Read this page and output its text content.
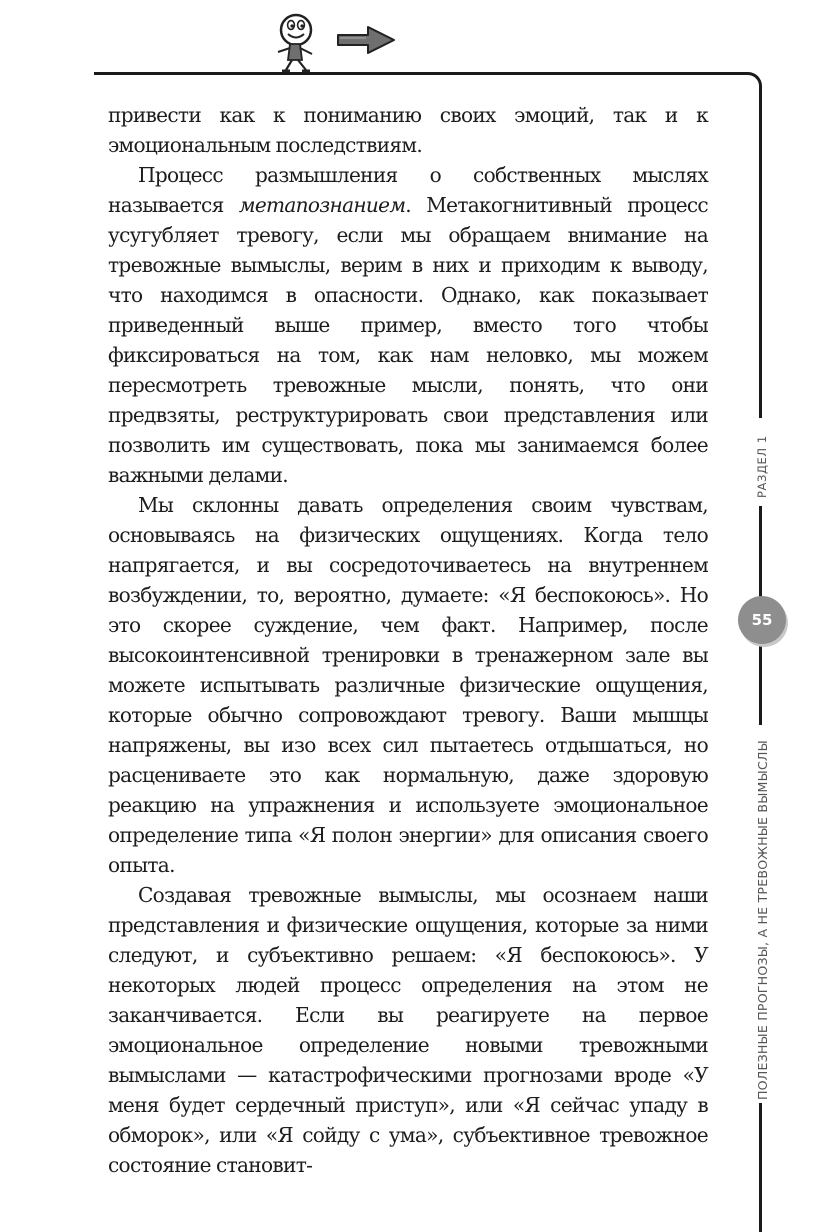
привести как к пониманию своих эмоций, так и к эмоциональным последствиям.

Процесс размышления о собственных мыслях называется метапознанием. Метакогнитивный процесс усугубляет тревогу, если мы обращаем внимание на тревожные вымыслы, верим в них и приходим к выводу, что находимся в опасности. Однако, как показывает приведенный выше пример, вместо того чтобы фиксироваться на том, как нам неловко, мы можем пересмотреть тревожные мысли, понять, что они предвзяты, реструктурировать свои представления или позволить им существовать, пока мы занимаемся более важными делами.

Мы склонны давать определения своим чувствам, основываясь на физических ощущениях. Когда тело напрягается, и вы сосредоточиваетесь на внутреннем возбуждении, то, вероятно, думаете: «Я беспокоюсь». Но это скорее суждение, чем факт. Например, после высокоинтенсивной тренировки в тренажерном зале вы можете испытывать различные физические ощущения, которые обычно сопровождают тревогу. Ваши мышцы напряжены, вы изо всех сил пытаетесь отдышаться, но расцениваете это как нормальную, даже здоровую реакцию на упражнения и используете эмоциональное определение типа «Я полон энергии» для описания своего опыта.

Создавая тревожные вымыслы, мы осознаем наши представления и физические ощущения, которые за ними следуют, и субъективно решаем: «Я беспокоюсь». У некоторых людей процесс определения на этом не заканчивается. Если вы реагируете на первое эмоциональное определение новыми тревожными вымыслами — катастрофическими прогнозами вроде «У меня будет сердечный приступ», или «Я сейчас упаду в обморок», или «Я сойду с ума», субъективное тревожное состояние становит-

РАЗДЕЛ 1
55
ПОЛЕЗНЫЕ ПРОГНОЗЫ, А НЕ ТРЕВОЖНЫЕ ВЫМЫСЛЫ
